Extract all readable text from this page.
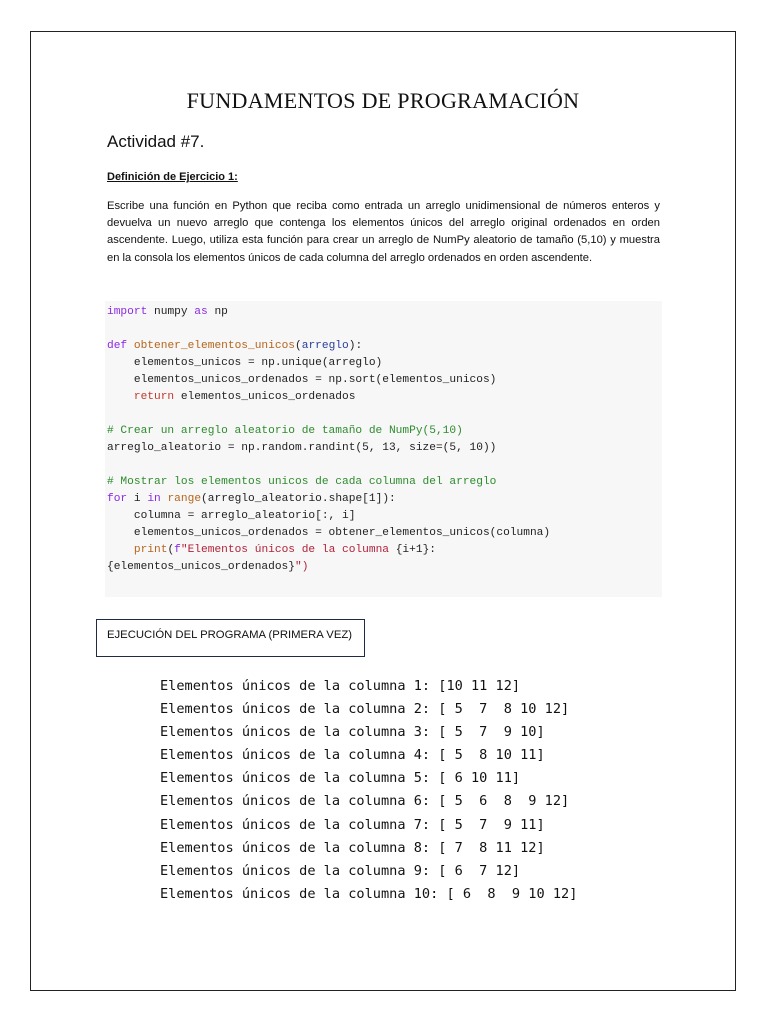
FUNDAMENTOS DE PROGRAMACIÓN
Actividad #7.
Definición de Ejercicio 1:

Escribe una función en Python que reciba como entrada un arreglo unidimensional de números enteros y devuelva un nuevo arreglo que contenga los elementos únicos del arreglo original ordenados en orden ascendente. Luego, utiliza esta función para crear un arreglo de NumPy aleatorio de tamaño (5,10) y muestra en la consola los elementos únicos de cada columna del arreglo ordenados en orden ascendente.

import numpy as np
def obtener_elementos_unicos(arreglo):
elementos_unicos = np.unique(arreglo)
elementos_unicos_ordenados = np.sort(elementos_unicos)
return elementos_unicos_ordenados
# Crear un arreglo aleatorio de tamaño de NumPy(5,10)
arreglo_aleatorio = np.random.randint(5, 13, size=(5, 10))
# Mostrar los elementos unicos de cada columna del arreglo
for i in range(arreglo_aleatorio.shape[1]):
columna = arreglo_aleatorio[:, i]
elementos_unicos_ordenados = obtener_elementos_unicos(columna)
print(f"Elementos únicos de la columna {i+1}:
{elementos_unicos_ordenados}")
EJECUCIÓN DEL PROGRAMA (PRIMERA VEZ)
Elementos únicos de la columna 1: [10 11 12]
Elementos únicos de la columna 2: [ 5  7  8 10 12]
Elementos únicos de la columna 3: [ 5  7  9 10]
Elementos únicos de la columna 4: [ 5  8 10 11]
Elementos únicos de la columna 5: [ 6 10 11]
Elementos únicos de la columna 6: [ 5  6  8  9 12]
Elementos únicos de la columna 7: [ 5  7  9 11]
Elementos únicos de la columna 8: [ 7  8 11 12]
Elementos únicos de la columna 9: [ 6  7 12]
Elementos únicos de la columna 10: [ 6  8  9 10 12]
